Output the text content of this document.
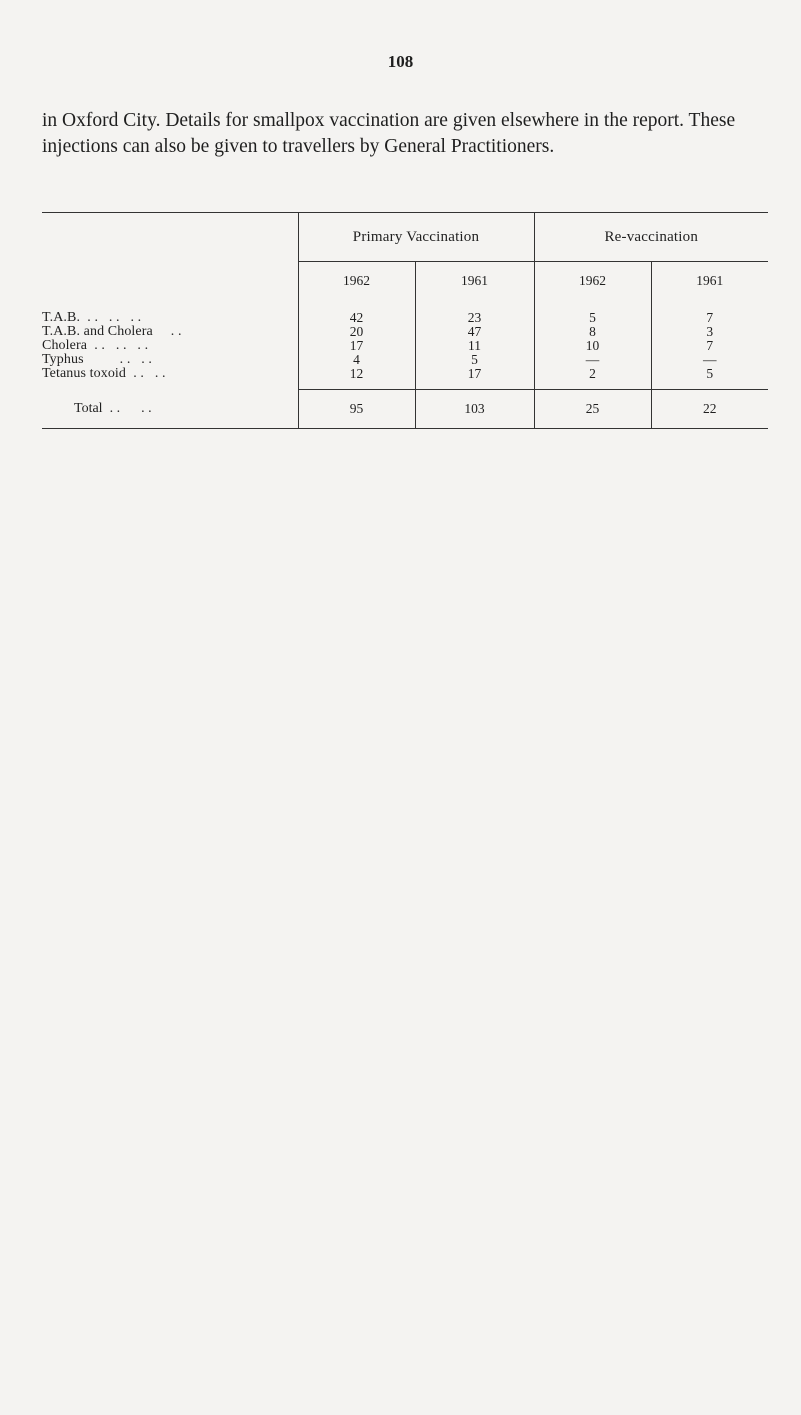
108

in Oxford City. Details for smallpox vaccination are given elsewhere in the report. These injections can also be given to travellers by General Practitioners.

	Primary Vaccination		Re-vaccination	
	1962	1961	1962	1961
T.A.B.  . .   . .   . .	42	23	5	7
T.A.B. and Cholera     . .	20	47	8	3
Cholera  . .   . .   . .	17	11	10	7
Typhus          . .   . .	4	5	—	—
Tetanus toxoid  . .   . .	12	17	2	5
Total  . .      . .	95	103	25	22
